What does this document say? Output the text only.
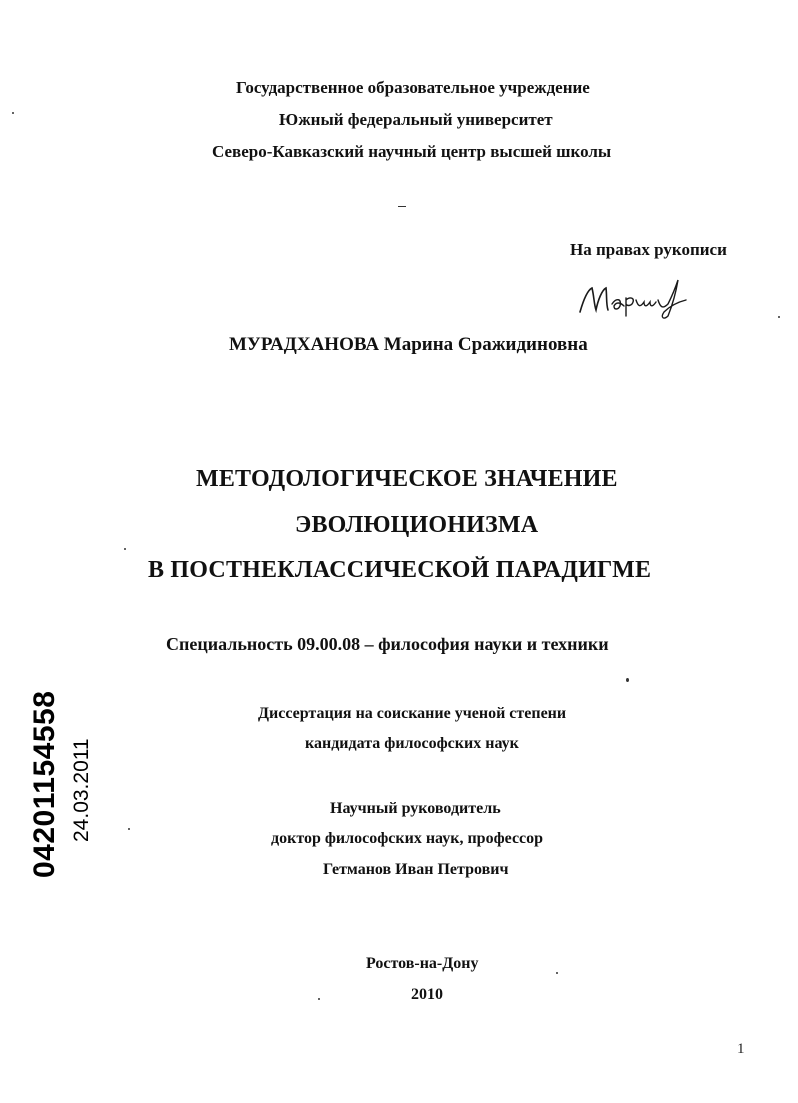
Государственное образовательное учреждение
Южный федеральный университет
Северо-Кавказский научный центр высшей школы
На правах рукописи
МУРАДХАНОВА Марина Сражидиновна
МЕТОДОЛОГИЧЕСКОЕ ЗНАЧЕНИЕ
ЭВОЛЮЦИОНИЗМА
В ПОСТНЕКЛАССИЧЕСКОЙ ПАРАДИГМЕ
Специальность 09.00.08 – философия науки и техники
Диссертация на соискание ученой степени
кандидата философских наук
Научный руководитель
доктор философских наук, профессор
Гетманов Иван Петрович
Ростов-на-Дону
2010
1
04201154558 24.03.2011
